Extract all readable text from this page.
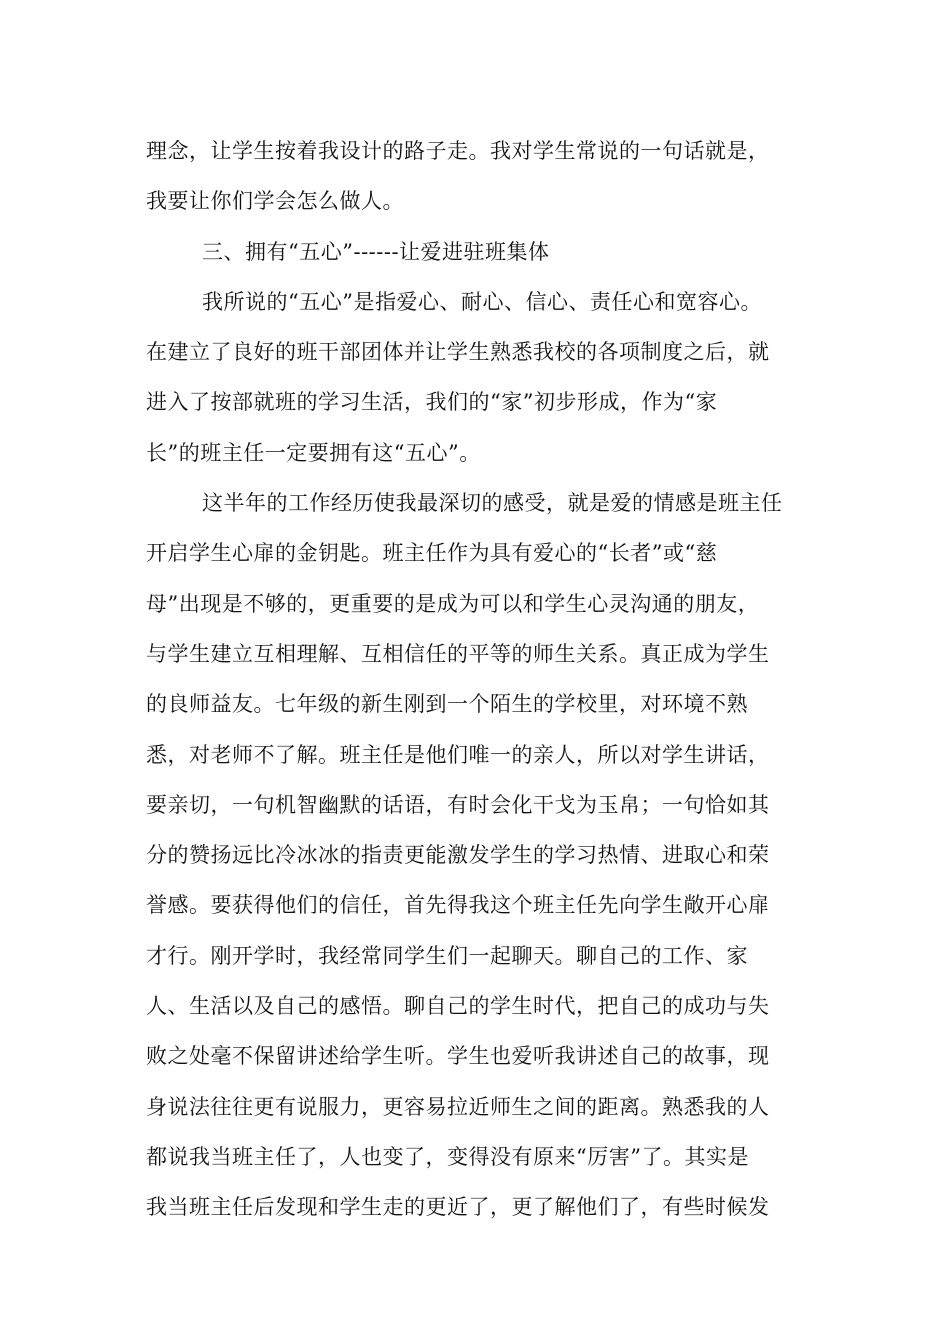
理念，让学生按着我设计的路子走。我对学生常说的一句话就是，
我要让你们学会怎么做人。
三、拥有“五心”------让爱进驻班集体
我所说的“五心”是指爱心、耐心、信心、责任心和宽容心。
在建立了良好的班干部团体并让学生熟悉我校的各项制度之后，就
进入了按部就班的学习生活，我们的“家”初步形成，作为“家
长”的班主任一定要拥有这“五心”。
这半年的工作经历使我最深切的感受，就是爱的情感是班主任
开启学生心扉的金钥匙。班主任作为具有爱心的“长者”或“慈
母”出现是不够的，更重要的是成为可以和学生心灵沟通的朋友，
与学生建立互相理解、互相信任的平等的师生关系。真正成为学生
的良师益友。七年级的新生刚到一个陌生的学校里，对环境不熟
悉，对老师不了解。班主任是他们唯一的亲人，所以对学生讲话，
要亲切，一句机智幽默的话语，有时会化干戈为玉帛；一句恰如其
分的赞扬远比冷冰冰的指责更能激发学生的学习热情、进取心和荣
誉感。要获得他们的信任，首先得我这个班主任先向学生敞开心扉
才行。刚开学时，我经常同学生们一起聊天。聊自己的工作、家
人、生活以及自己的感悟。聊自己的学生时代，把自己的成功与失
败之处毫不保留讲述给学生听。学生也爱听我讲述自己的故事，现
身说法往往更有说服力，更容易拉近师生之间的距离。熟悉我的人
都说我当班主任了，人也变了，变得没有原来“厉害”了。其实是
我当班主任后发现和学生走的更近了，更了解他们了，有些时候发
